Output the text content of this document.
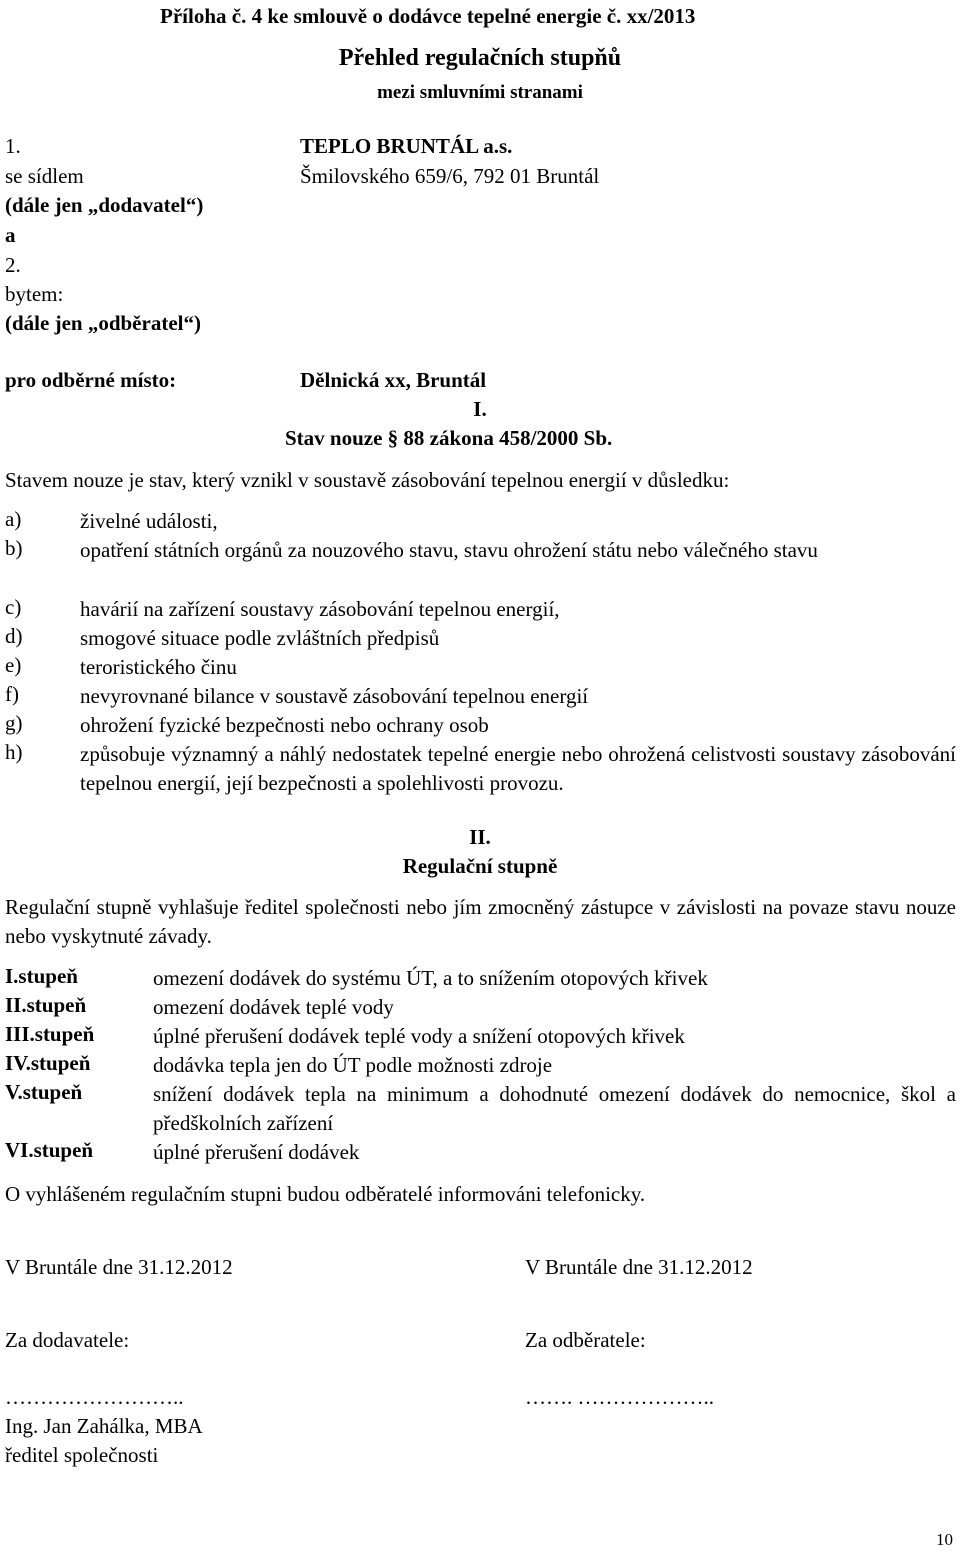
Příloha č. 4 ke smlouvě o dodávce tepelné energie č. xx/2013
Přehled regulačních stupňů
mezi smluvními stranami
1.	TEPLO BRUNTÁL a.s.
se sídlem	Šmilovského 659/6, 792 01 Bruntál
(dále jen „dodavatel“)
a
2.
bytem:
(dále jen „odběratel“)
pro odběrné místo:	Dělnická xx, Bruntál
I.
Stav nouze § 88 zákona 458/2000 Sb.
Stavem nouze je stav, který vznikl v soustavě zásobování tepelnou energií v důsledku:
a)	živelné události,
b)	opatření státních orgánů za nouzového stavu, stavu ohrožení státu nebo válečného stavu
c)	havárií na zařízení soustavy zásobování tepelnou energií,
d)	smogové situace podle zvláštních předpisů
e)	teroristického činu
f)	nevyrovnané bilance v soustavě zásobování tepelnou energií
g)	ohrožení fyzické bezpečnosti nebo ochrany osob
h)	způsobuje významný a náhlý nedostatek tepelné energie nebo ohrožená celistvosti soustavy zásobování tepelnou energií, její bezpečnosti a spolehlivosti provozu.
II.
Regulační stupně
Regulační stupně vyhlašuje ředitel společnosti nebo jím zmocněný zástupce v závislosti na povaze stavu nouze nebo vyskytnuté závady.
I.stupeň	omezení dodávek do systému ÚT, a to snížením otopových křivek
II.stupeň	omezení dodávek teplé vody
III.stupeň	úplné přerušení dodávek teplé vody a snížení otopových křivek
IV.stupeň	dodávka tepla jen do ÚT podle možnosti zdroje
V.stupeň	snížení dodávek tepla na minimum a dohodnuté omezení dodávek do nemocnice, škol a předškolních zařízení
VI.stupeň	úplné přerušení dodávek
O vyhlášeném regulačním stupni budou odběratelé informováni telefonicky.
V Bruntále dne 31.12.2012	V Bruntále dne 31.12.2012
Za dodavatele:	Za odběratele:
……………………..	……. ………………..
Ing. Jan Zahálka, MBA
ředitel společnosti
10
